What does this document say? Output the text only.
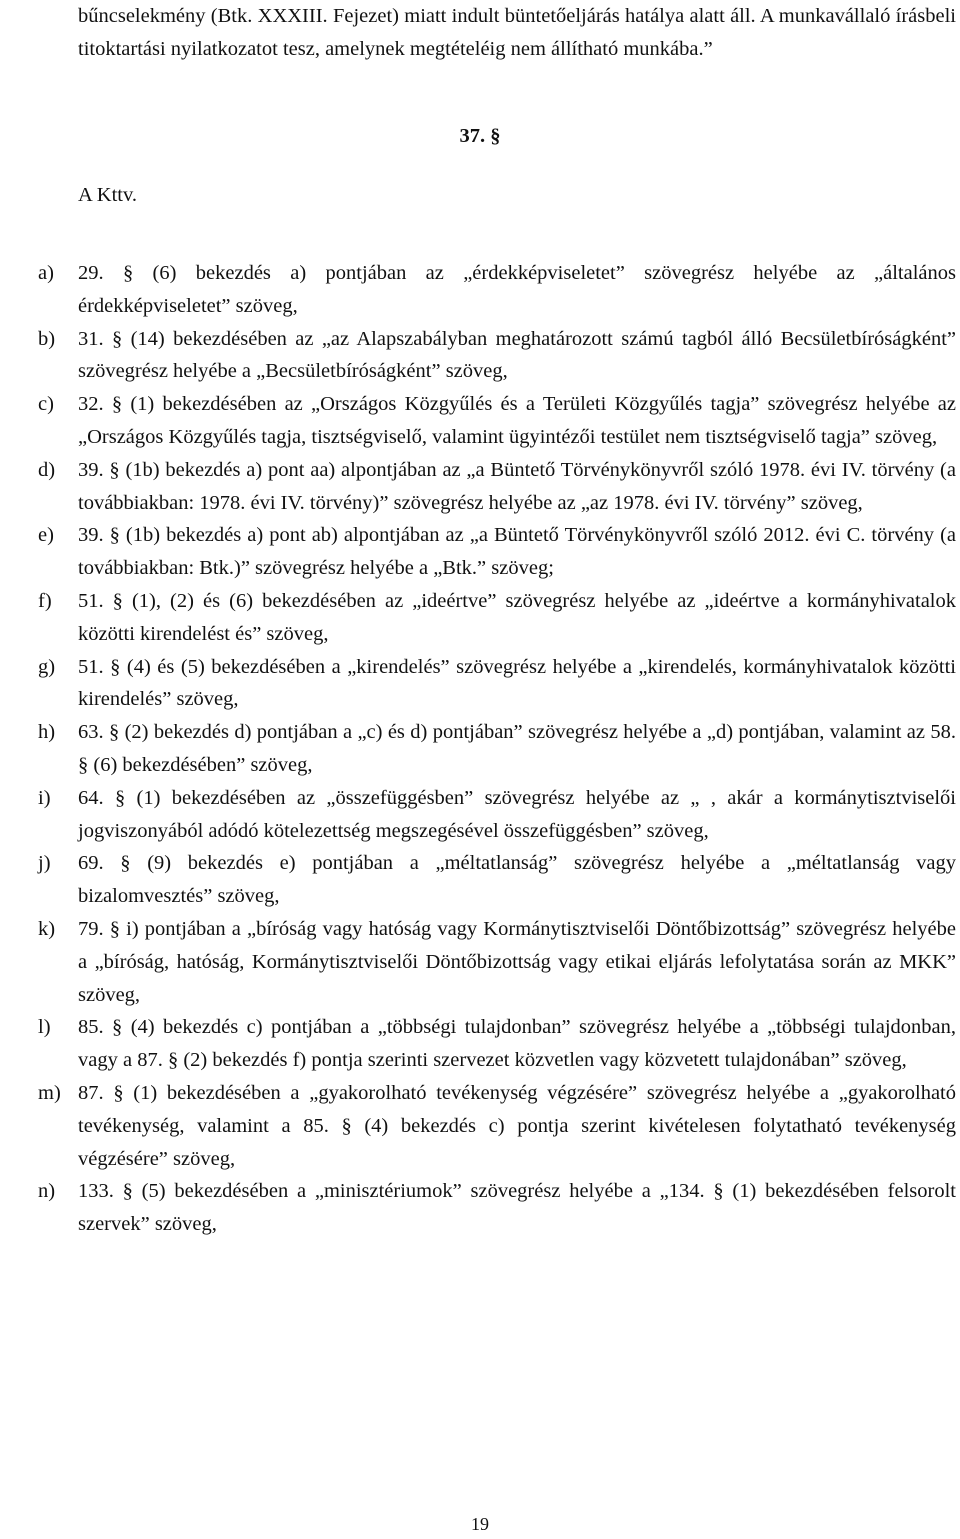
bűncselekmény (Btk. XXXIII. Fejezet) miatt indult büntetőeljárás hatálya alatt áll. A munkavállaló írásbeli titoktartási nyilatkozatot tesz, amelynek megtételéig nem állítható munkába.”
37. §
A Kttv.
a)	29. § (6) bekezdés a) pontjában az „érdekképviseletet” szövegrész helyébe az „általános érdekképviseletet” szöveg,
b)	31. § (14) bekezdésében az „az Alapszabályban meghatározott számú tagból álló Becsületbíróságként” szövegrész helyébe a „Becsületbíróságként” szöveg,
c)	32. § (1) bekezdésében az „Országos Közgyűlés és a Területi Közgyűlés tagja” szövegrész helyébe az „Országos Közgyűlés tagja, tisztségviselő, valamint ügyintézői testület nem tisztségviselő tagja” szöveg,
d)	39. § (1b) bekezdés a) pont aa) alpontjában az „a Büntető Törvénykönyvről szóló 1978. évi IV. törvény (a továbbiakban: 1978. évi IV. törvény)” szövegrész helyébe az „az 1978. évi IV. törvény” szöveg,
e)	39. § (1b) bekezdés a) pont ab) alpontjában az „a Büntető Törvénykönyvről szóló 2012. évi C. törvény (a továbbiakban: Btk.)” szövegrész helyébe a „Btk.” szöveg;
f)	51. § (1), (2) és (6) bekezdésében az „ideértve” szövegrész helyébe az „ideértve a kormányhivatalok közötti kirendelést és” szöveg,
g)	51. § (4) és (5) bekezdésében a „kirendelés” szövegrész helyébe a „kirendelés, kormányhivatalok közötti kirendelés” szöveg,
h)	63. § (2) bekezdés d) pontjában a „c) és d) pontjában” szövegrész helyébe a „d) pontjában, valamint az 58. § (6) bekezdésében” szöveg,
i)	64. § (1) bekezdésében az „összefüggésben” szövegrész helyébe az „ , akár a kormánytisztviselői jogviszonyából adódó kötelezettség megszegésével összefüggésben” szöveg,
j)	69. § (9) bekezdés e) pontjában a „méltatlanság” szövegrész helyébe a „méltatlanság vagy bizalomvesztés” szöveg,
k)	79. § i) pontjában a „bíróság vagy hatóság vagy Kormánytisztviselői Döntőbizottság” szövegrész helyébe a „bíróság, hatóság, Kormánytisztviselői Döntőbizottság vagy etikai eljárás lefolytatása során az MKK” szöveg,
l)	85. § (4) bekezdés c) pontjában a „többségi tulajdonban” szövegrész helyébe a „többségi tulajdonban, vagy a 87. § (2) bekezdés f) pontja szerinti szervezet közvetlen vagy közvetett tulajdonában” szöveg,
m) 87. § (1) bekezdésében a „gyakorolható tevékenység végzésére” szövegrész helyébe a „gyakorolható tevékenység, valamint a 85. § (4) bekezdés c) pontja szerint kivételesen folytatható tevékenység végzésére” szöveg,
n)	133. § (5) bekezdésében a „minisztériumok” szövegrész helyébe a „134. § (1) bekezdésében felsorolt szervek” szöveg,
19
